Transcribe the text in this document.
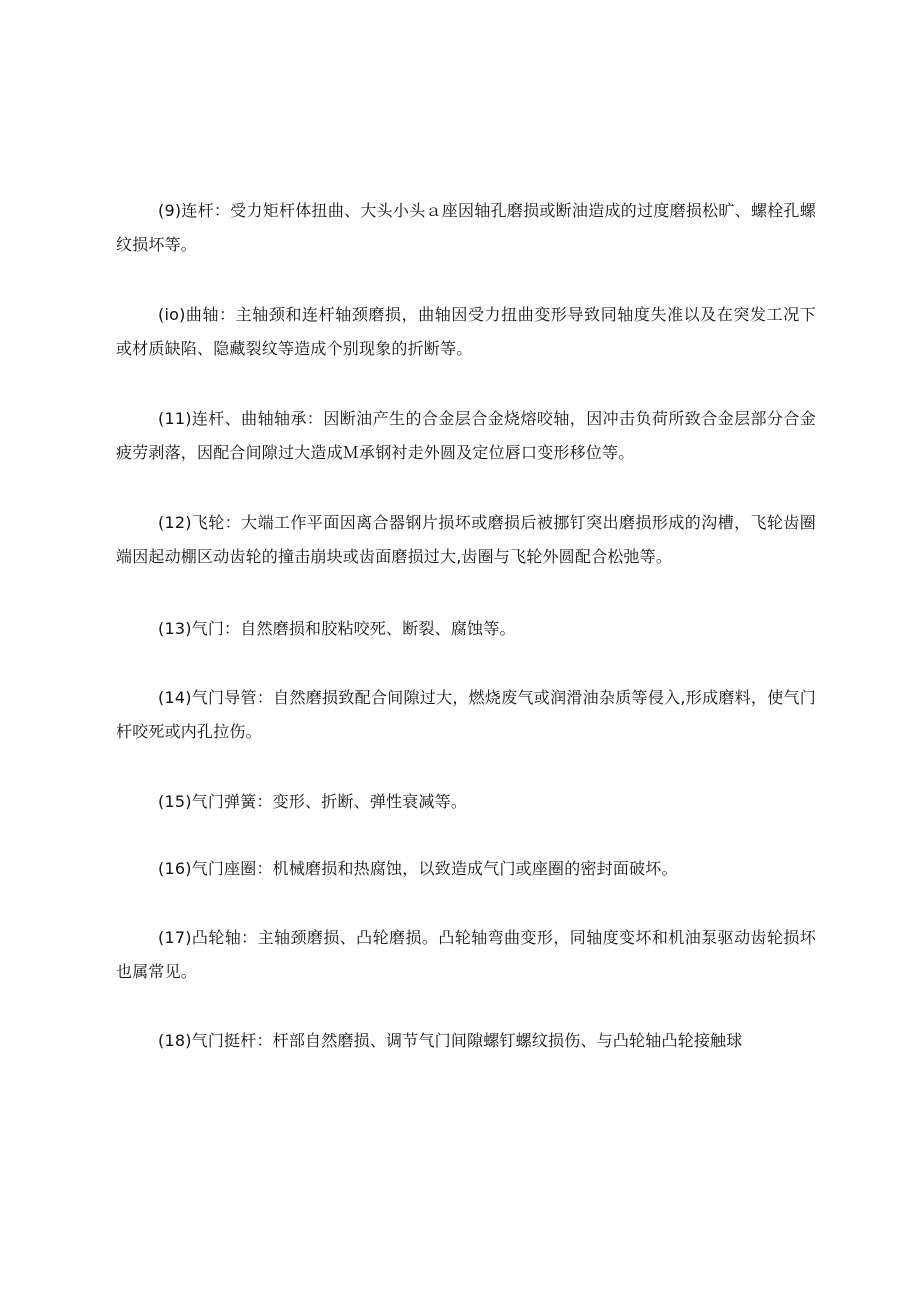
(9)连杆：受力矩杆体扭曲、大头小头ａ座因轴孔磨损或断油造成的过度磨损松旷、螺栓孔螺纹损坏等。

(io)曲轴：主轴颈和连杆轴颈磨损，曲轴因受力扭曲变形导致同轴度失准以及在突发工况下或材质缺陷、隐藏裂纹等造成个别现象的折断等。

(11)连杆、曲轴轴承：因断油产生的合金层合金烧熔咬轴，因冲击负荷所致合金层部分合金疲劳剥落，因配合间隙过大造成Ｍ承钢衬走外圆及定位唇口变形移位等。

(12)飞轮：大端工作平面因离合器钢片损坏或磨损后被挪钉突出磨损形成的沟槽，飞轮齿圈端因起动棚区动齿轮的撞击崩块或齿面磨损过大,齿圈与飞轮外圆配合松弛等。

(13)气门：自然磨损和胶粘咬死、断裂、腐蚀等。

(14)气门导管：自然磨损致配合间隙过大，燃烧废气或润滑油杂质等侵入,形成磨料，使气门杆咬死或内孔拉伤。

(15)气门弹簧：变形、折断、弹性衰减等。

(16)气门座圈：机械磨损和热腐蚀，以致造成气门或座圈的密封面破坏。

(17)凸轮轴：主轴颈磨损、凸轮磨损。凸轮轴弯曲变形，同轴度变坏和机油泵驱动齿轮损坏也属常见。

(18)气门挺杆：杆部自然磨损、调节气门间隙螺钉螺纹损伤、与凸轮轴凸轮接触球
